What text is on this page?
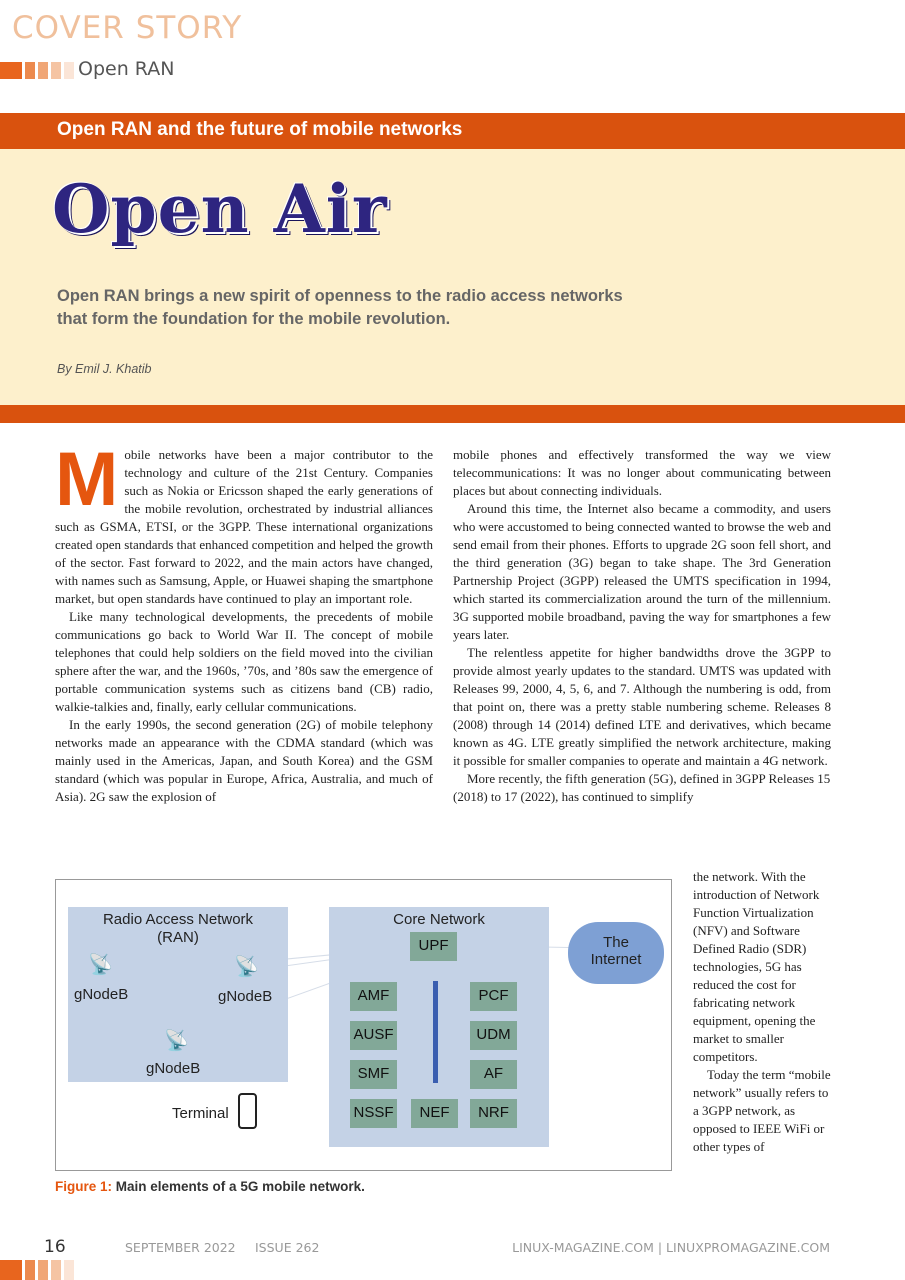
COVER STORY
Open RAN
Open RAN and the future of mobile networks
Open Air
Open RAN brings a new spirit of openness to the radio access networks that form the foundation for the mobile revolution.
By Emil J. Khatib

Mobile networks have been a major contributor to the technology and culture of the 21st Century. Companies such as Nokia or Ericsson shaped the early generations of the mobile revolution, orchestrated by industrial alliances such as GSMA, ETSI, or the 3GPP. These international organizations created open standards that enhanced competition and helped the growth of the sector. Fast forward to 2022, and the main actors have changed, with names such as Samsung, Apple, or Huawei shaping the smartphone market, but open standards have continued to play an important role.

Like many technological developments, the precedents of mobile communications go back to World War II. The concept of mobile telephones that could help soldiers on the field moved into the civilian sphere after the war, and the 1960s, ’70s, and ’80s saw the emergence of portable communication systems such as citizens band (CB) radio, walkie-talkies and, finally, early cellular communications.

In the early 1990s, the second generation (2G) of mobile telephony networks made an appearance with the CDMA standard (which was mainly used in the Americas, Japan, and South Korea) and the GSM standard (which was popular in Europe, Africa, Australia, and much of Asia). 2G saw the explosion of

mobile phones and effectively transformed the way we view telecommunications: It was no longer about communicating between places but about connecting individuals.

Around this time, the Internet also became a commodity, and users who were accustomed to being connected wanted to browse the web and send email from their phones. Efforts to upgrade 2G soon fell short, and the third generation (3G) began to take shape. The 3rd Generation Partnership Project (3GPP) released the UMTS specification in 1994, which started its commercialization around the turn of the millennium. 3G supported mobile broadband, paving the way for smartphones a few years later.

The relentless appetite for higher bandwidths drove the 3GPP to provide almost yearly updates to the standard. UMTS was updated with Releases 99, 2000, 4, 5, 6, and 7. Although the numbering is odd, from that point on, there was a pretty stable numbering scheme. Releases 8 (2008) through 14 (2014) defined LTE and derivatives, which became known as 4G. LTE greatly simplified the network architecture, making it possible for smaller companies to operate and maintain a 4G network.

More recently, the fifth generation (5G), defined in 3GPP Releases 15 (2018) to 17 (2022), has continued to simplify

the network. With the introduction of Network Function Virtualization (NFV) and Software Defined Radio (SDR) technologies, 5G has reduced the cost for fabricating network equipment, opening the market to smaller competitors.

Today the term “mobile network” usually refers to a 3GPP network, as opposed to IEEE WiFi or other types of

Radio Access Network
(RAN)
📡
gNodeB
📡
gNodeB
📡
gNodeB
Terminal
Core Network
UPF
AMF	PCF
AUSF	UDM
SMF	AF
NSSF	NEF	NRF
The Internet
Figure 1: Main elements of a 5G mobile network.
16	SEPTEMBER 2022 ISSUE 262	LINUX-MAGAZINE.COM | LINUXPROMAGAZINE.COM
